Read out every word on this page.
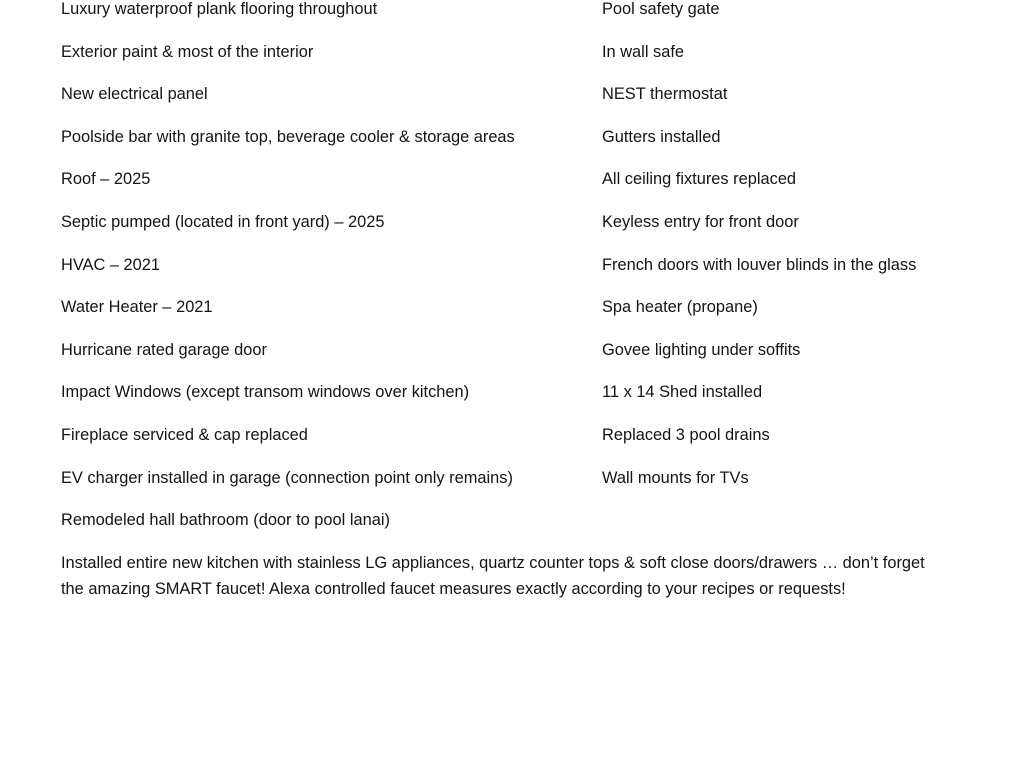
Luxury waterproof plank flooring throughout
Exterior paint & most of the interior
New electrical panel
Poolside bar with granite top, beverage cooler & storage areas
Roof – 2025
Septic pumped (located in front yard) – 2025
HVAC – 2021
Water Heater – 2021
Hurricane rated garage door
Impact Windows (except transom windows over kitchen)
Fireplace serviced & cap replaced
EV charger installed in garage (connection point only remains)
Remodeled hall bathroom (door to pool lanai)
Pool safety gate
In wall safe
NEST thermostat
Gutters installed
All ceiling fixtures replaced
Keyless entry for front door
French doors with louver blinds in the glass
Spa heater (propane)
Govee lighting under soffits
11 x 14 Shed installed
Replaced 3 pool drains
Wall mounts for TVs

Installed entire new kitchen with stainless LG appliances, quartz counter tops & soft close doors/drawers … don’t forget
the amazing SMART faucet! Alexa controlled faucet measures exactly according to your recipes or requests!
